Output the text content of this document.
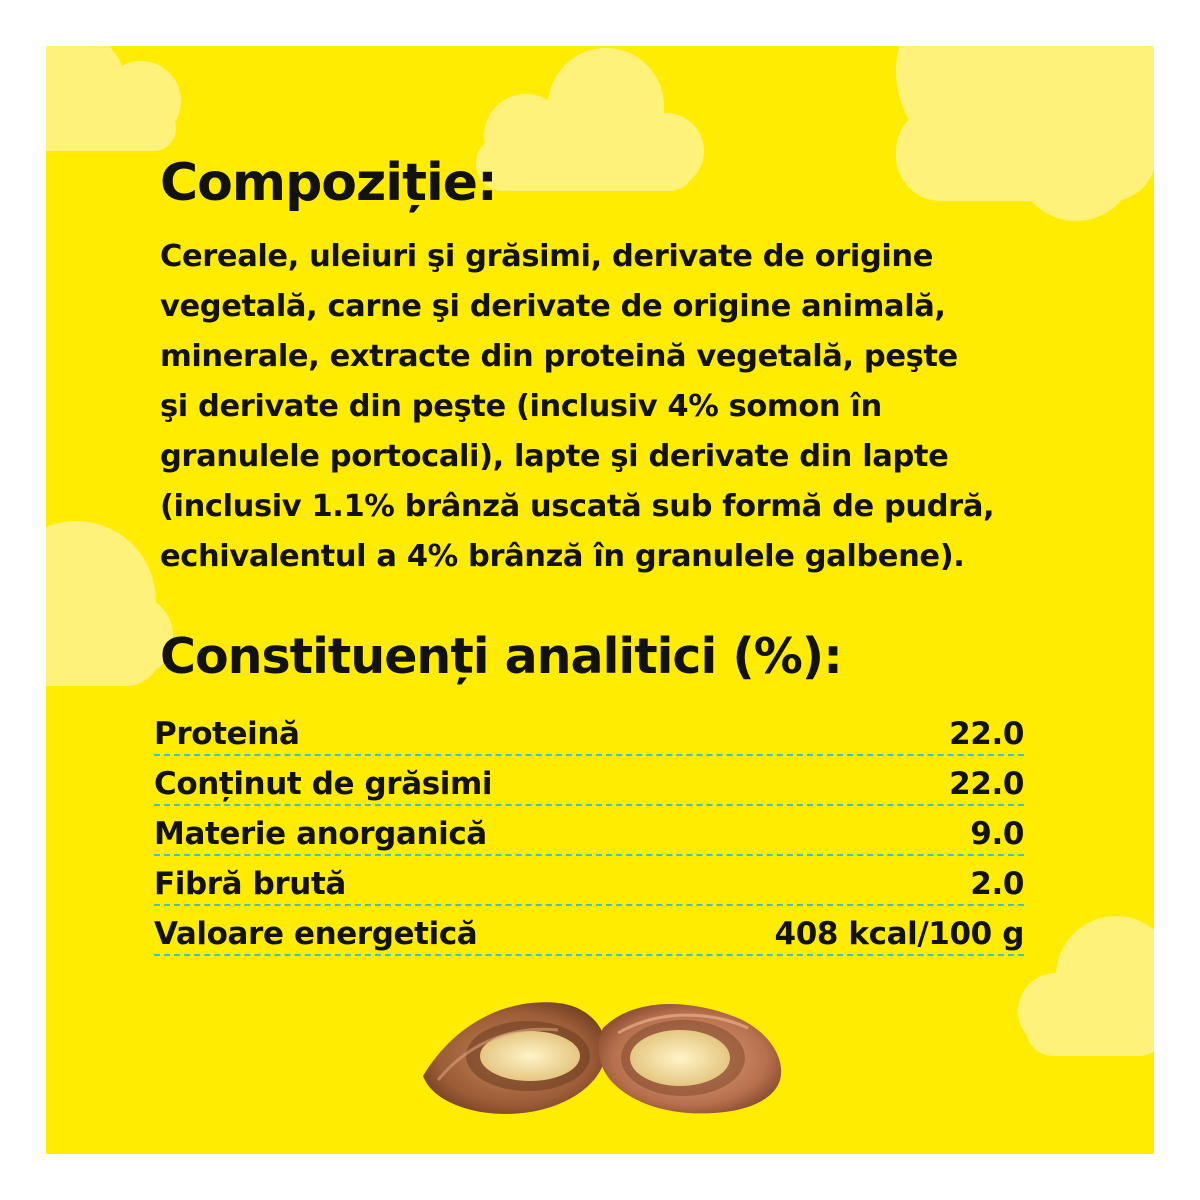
Compoziție:

Cereale, uleiuri şi grăsimi, derivate de origine
vegetală, carne şi derivate de origine animală,
minerale, extracte din proteină vegetală, peşte
şi derivate din peşte (inclusiv 4% somon în
granulele portocali), lapte şi derivate din lapte
(inclusiv 1.1% brânză uscată sub formă de pudră,
echivalentul a 4% brânză în granulele galbene).

Constituenți analitici (%):
Proteină	22.0
Conținut de grăsimi	22.0
Materie anorganică	9.0
Fibră brută	2.0
Valoare energetică	408 kcal/100 g
